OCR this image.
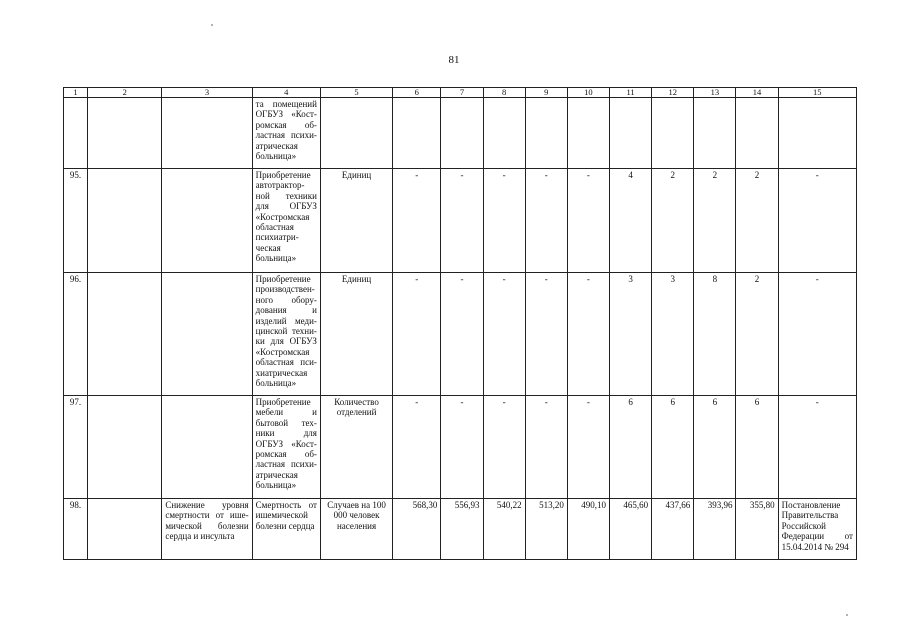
81
1	2	3	4	5	6	7	8	9	10	11	12	13	14	15
			та помещений ОГБУЗ «Кост-ромская об-ластная психи-атрическая больница»											
95.			Приобретение автотрактор-ной техники для ОГБУЗ «Костромская областная психиатри-ческая больница»	Единиц	-	-	-	-	-	4	2	2	2	-
96.			Приобретение производствен-ного обору-дования и изделий меди-цинской техни-ки для ОГБУЗ «Костромская областная пси-хиатрическая больница»	Единиц	-	-	-	-	-	3	3	8	2	-
97.			Приобретение мебели и бытовой тех-ники для ОГБУЗ «Кост-ромская об-ластная психи-атрическая больница»	Количество отделений	-	-	-	-	-	6	6	6	6	-
98.		Снижение уровня смертности от ише-мической болезни сердца и инсульта	Смертность от ишемической болезни сердца	Случаев на 100 000 человек населения	568,30	556,93	540,22	513,20	490,10	465,60	437,66	393,96	355,80	Постановление Правительства Российской Федерации от 15.04.2014 № 294
